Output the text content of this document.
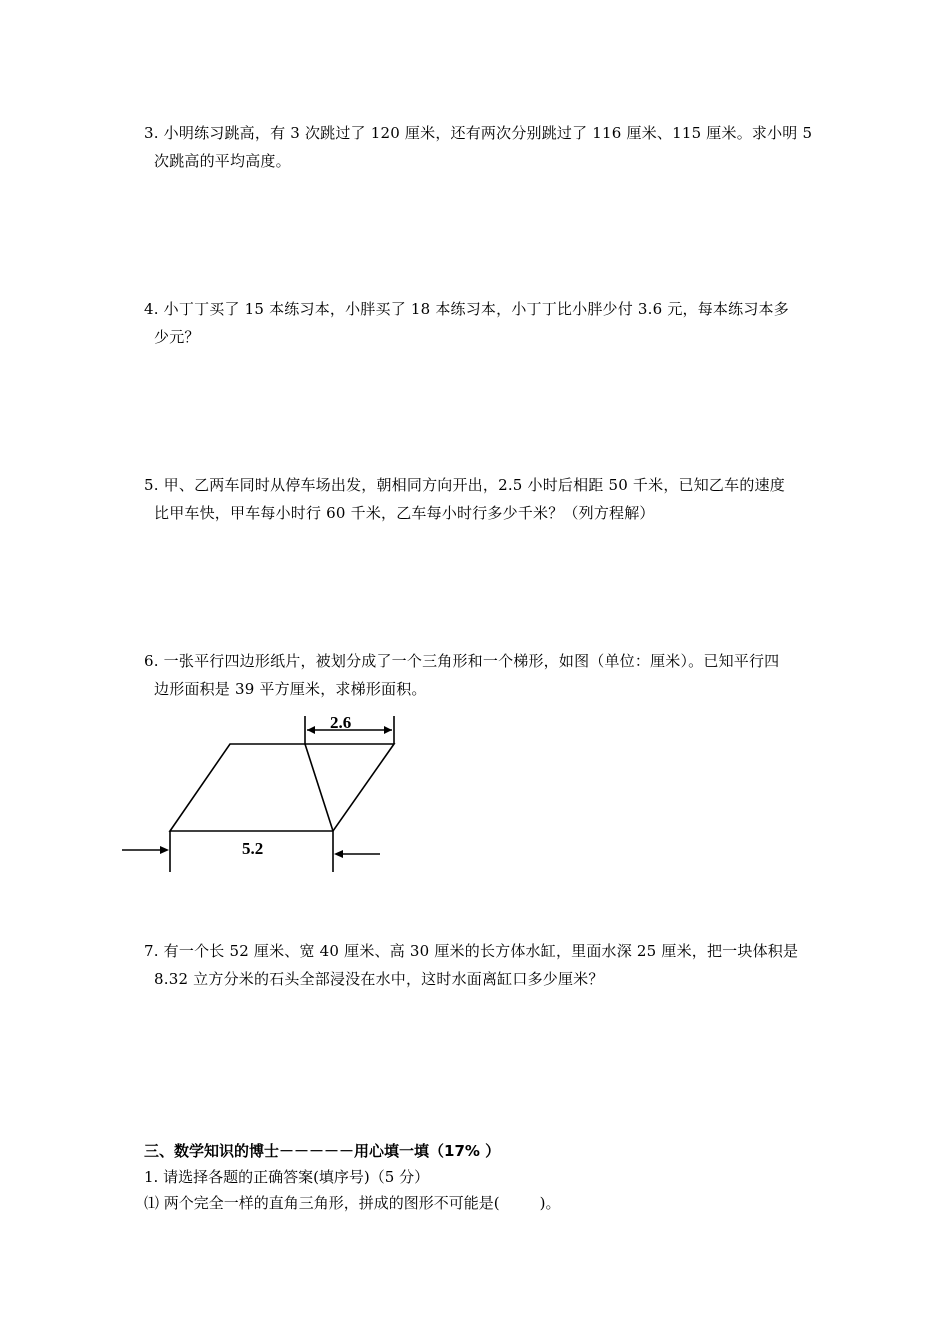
3. 小明练习跳高，有 3 次跳过了 120 厘米，还有两次分别跳过了 116 厘米、115 厘米。求小明 5
次跳高的平均高度。
4. 小丁丁买了 15 本练习本，小胖买了 18 本练习本，小丁丁比小胖少付 3.6 元，每本练习本多
少元？
5. 甲、乙两车同时从停车场出发，朝相同方向开出，2.5 小时后相距 50 千米，已知乙车的速度
比甲车快，甲车每小时行 60 千米，乙车每小时行多少千米？（列方程解）
6. 一张平行四边形纸片，被划分成了一个三角形和一个梯形，如图（单位：厘米）。已知平行四
边形面积是 39 平方厘米，求梯形面积。
2.6
5.2
7. 有一个长 52 厘米、宽 40 厘米、高 30 厘米的长方体水缸，里面水深 25 厘米，把一块体积是
8.32 立方分米的石头全部浸没在水中，这时水面离缸口多少厘米？
三、数学知识的博士－－－－－用心填一填（17% ）
1. 请选择各题的正确答案(填序号)（5 分）
⑴ 两个完全一样的直角三角形，拼成的图形不可能是(	)。
